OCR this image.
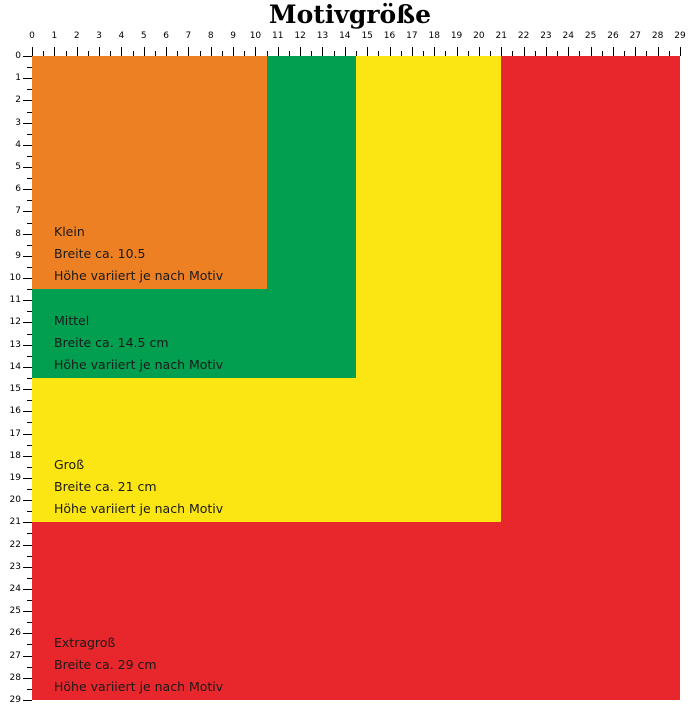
Motivgröße
0 1 2 3 4 5 6 7 8 9 10 11 12 13 14 15 16 17 18 19 20 21 22 23 24 25 26 27 28 29
0
1
2
3
4
5
6
7
8
9
10
11
12
13
14
15
16
17
18
19
20
21
22
23
24
25
26
27
28
29
Extragroß
Breite ca. 29 cm
Höhe variiert je nach Motiv
Groß
Breite ca. 21 cm
Höhe variiert je nach Motiv
Mittel
Breite ca. 14.5 cm
Höhe variiert je nach Motiv
Klein
Breite ca. 10.5
Höhe variiert je nach Motiv
